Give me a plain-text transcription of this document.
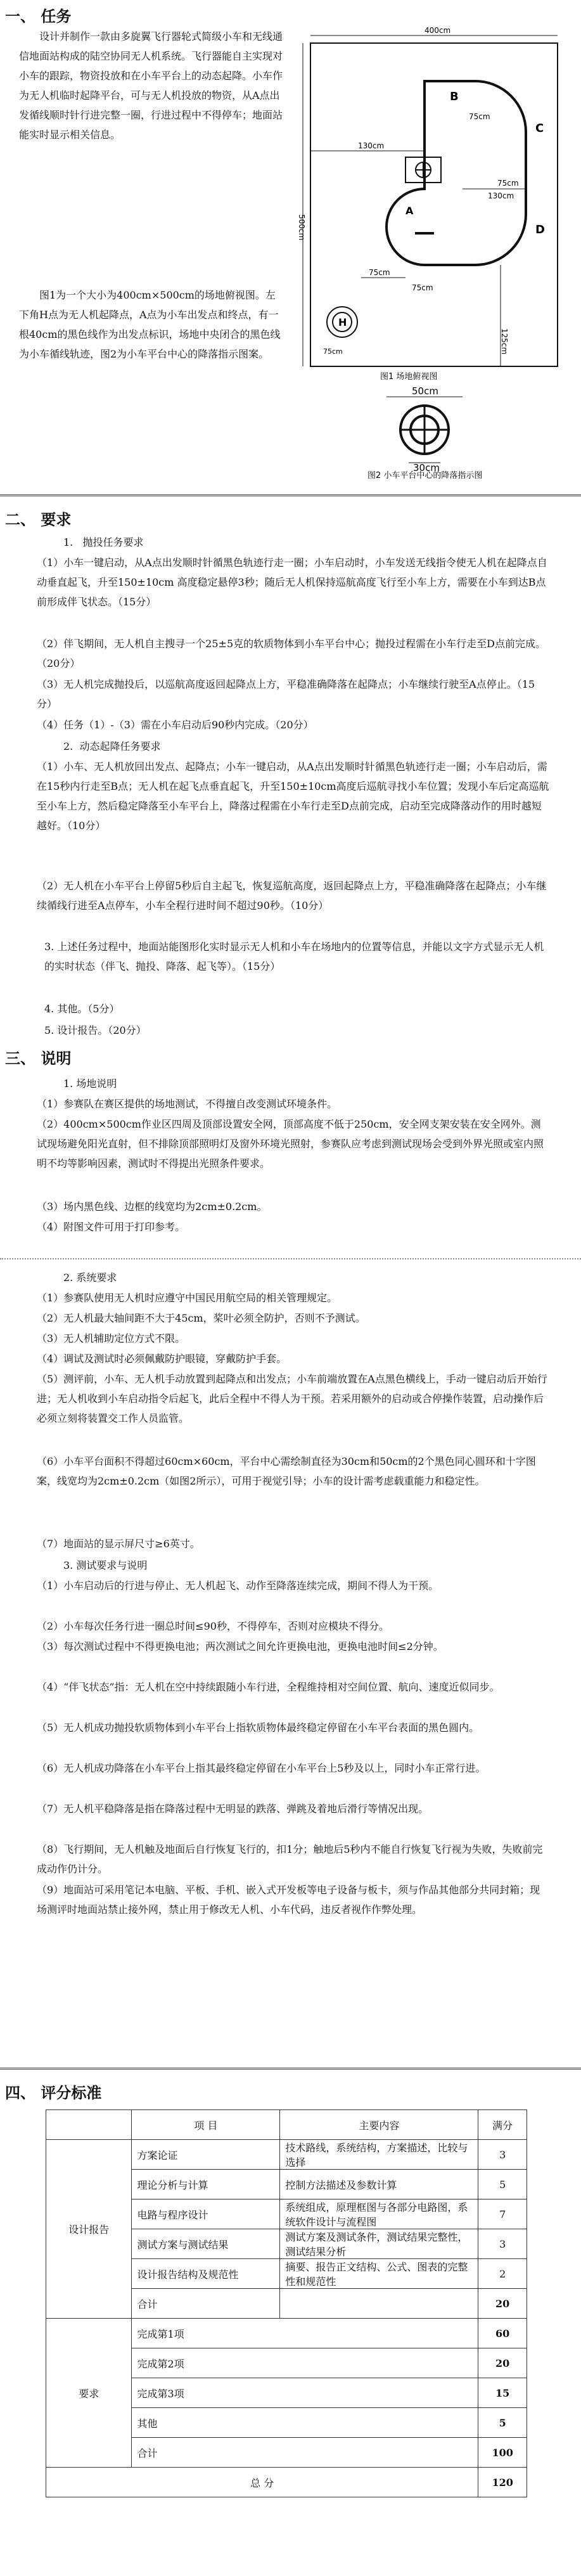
一、 任务

设计并制作一款由多旋翼飞行器轮式简级小车和无线通信地面站构成的陆空协同无人机系统。飞行器能自主实现对小车的跟踪，物资投放和在小车平台上的动态起降。小车作为无人机临时起降平台，可与无人机投放的物资，从A点出发循线顺时针行进完整一圈，行进过程中不得停车；地面站能实时显示相关信息。

图1为一个大小为400cm×500cm的场地俯视图。左下角H点为无人机起降点，A点为小车出发点和终点，有一根40cm的黑色线作为出发点标识，场地中央闭合的黑色线为小车循线轨迹，图2为小车平台中心的降落指示图案。

400cm
500cm
75cm
75cm
75cm
D
C
B
A
130cm
75cm
130cm
125cm
H
75cm
图1 场地俯视图
50cm
30cm
图2 小车平台中心的降落指示图
二、 要求
1.   抛投任务要求
（1）小车一键启动，从A点出发顺时针循黑色轨迹行走一圈；小车启动时，小车发送无线指令使无人机在起降点自动垂直起飞，升至150±10cm 高度稳定悬停3秒；随后无人机保持巡航高度飞行至小车上方，需要在小车到达B点前形成伴飞状态。（15分）
（2）伴飞期间，无人机自主搜寻一个25±5克的软质物体到小车平台中心；抛投过程需在小车行走至D点前完成。（20分）
（3）无人机完成抛投后，以巡航高度返回起降点上方，平稳准确降落在起降点；小车继续行驶至A点停止。（15分）
（4）任务（1）-（3）需在小车启动后90秒内完成。（20分）
2.  动态起降任务要求
（1）小车、无人机放回出发点、起降点；小车一键启动，从A点出发顺时针循黑色轨迹行走一圈；小车启动后，需在15秒内行走至B点；无人机在起飞点垂直起飞，升至150±10cm高度后巡航寻找小车位置；发现小车后定高巡航至小车上方，然后稳定降落至小车平台上，降落过程需在小车行走至D点前完成，启动至完成降落动作的用时越短越好。（10分）
（2）无人机在小车平台上停留5秒后自主起飞，恢复巡航高度，返回起降点上方，平稳准确降落在起降点；小车继续循线行进至A点停车，小车全程行进时间不超过90秒。（10分）
3. 上述任务过程中，地面站能图形化实时显示无人机和小车在场地内的位置等信息，并能以文字方式显示无人机的实时状态（伴飞、抛投、降落、起飞等）。（15分）
4. 其他。（5分）
5. 设计报告。（20分）
三、 说明
1. 场地说明
（1）参赛队在赛区提供的场地测试，不得擅自改变测试环境条件。
（2）400cm×500cm作业区四周及顶部设置安全网，顶部高度不低于250cm，安全网支架安装在安全网外。测试现场避免阳光直射，但不排除顶部照明灯及窗外环境光照射，参赛队应考虑到测试现场会受到外界光照或室内照明不均等影响因素，测试时不得提出光照条件要求。
（3）场内黑色线、边框的线宽均为2cm±0.2cm。
（4）附图文件可用于打印参考。
2. 系统要求
（1）参赛队使用无人机时应遵守中国民用航空局的相关管理规定。
（2）无人机最大轴间距不大于45cm，桨叶必须全防护，否则不予测试。
（3）无人机辅助定位方式不限。
（4）调试及测试时必须佩戴防护眼镜，穿戴防护手套。
（5）测评前，小车、无人机手动放置到起降点和出发点；小车前端放置在A点黑色横线上，手动一键启动后开始行进；无人机收到小车启动指令后起飞，此后全程中不得人为干预。若采用额外的启动或合停操作装置，启动操作后必须立刻将装置交工作人员监管。
（6）小车平台面积不得超过60cm×60cm，平台中心需绘制直径为30cm和50cm的2个黑色同心圆环和十字图案，线宽均为2cm±0.2cm（如图2所示），可用于视觉引导；小车的设计需考虑载重能力和稳定性。
（7）地面站的显示屏尺寸≥6英寸。
3. 测试要求与说明
（1）小车启动后的行进与停止、无人机起飞、动作至降落连续完成，期间不得人为干预。
（2）小车每次任务行进一圈总时间≤90秒，不得停车，否则对应模块不得分。
（3）每次测试过程中不得更换电池；两次测试之间允许更换电池，更换电池时间≤2分钟。
（4）“伴飞状态”指：无人机在空中持续跟随小车行进，全程维持相对空间位置、航向、速度近似同步。
（5）无人机成功抛投软质物体到小车平台上指软质物体最终稳定停留在小车平台表面的黑色圆内。
（6）无人机成功降落在小车平台上指其最终稳定停留在小车平台上5秒及以上，同时小车正常行进。
（7）无人机平稳降落是指在降落过程中无明显的跌落、弹跳及着地后滑行等情况出现。
（8）飞行期间，无人机触及地面后自行恢复飞行的，扣1分；触地后5秒内不能自行恢复飞行视为失败，失败前完成动作仍计分。
（9）地面站可采用笔记本电脑、平板、手机、嵌入式开发板等电子设备与板卡，须与作品其他部分共同封箱；现场测评时地面站禁止接外网，禁止用于修改无人机、小车代码，违反者视作作弊处理。
四、 评分标准
	项 目	主要内容	满分
设计报告	方案论证	技术路线，系统结构，方案描述，比较与选择	3
	理论分析与计算	控制方法描述及参数计算	5
	电路与程序设计	系统组成，原理框图与各部分电路图，系统软件设计与流程图	7
	测试方案与测试结果	测试方案及测试条件，测试结果完整性，测试结果分析	3
	设计报告结构及规范性	摘要、报告正文结构、公式、图表的完整性和规范性	2
	合计		20
要求	完成第1项		60
	完成第2项		20
	完成第3项		15
	其他		5
	合计		100
总 分			120
